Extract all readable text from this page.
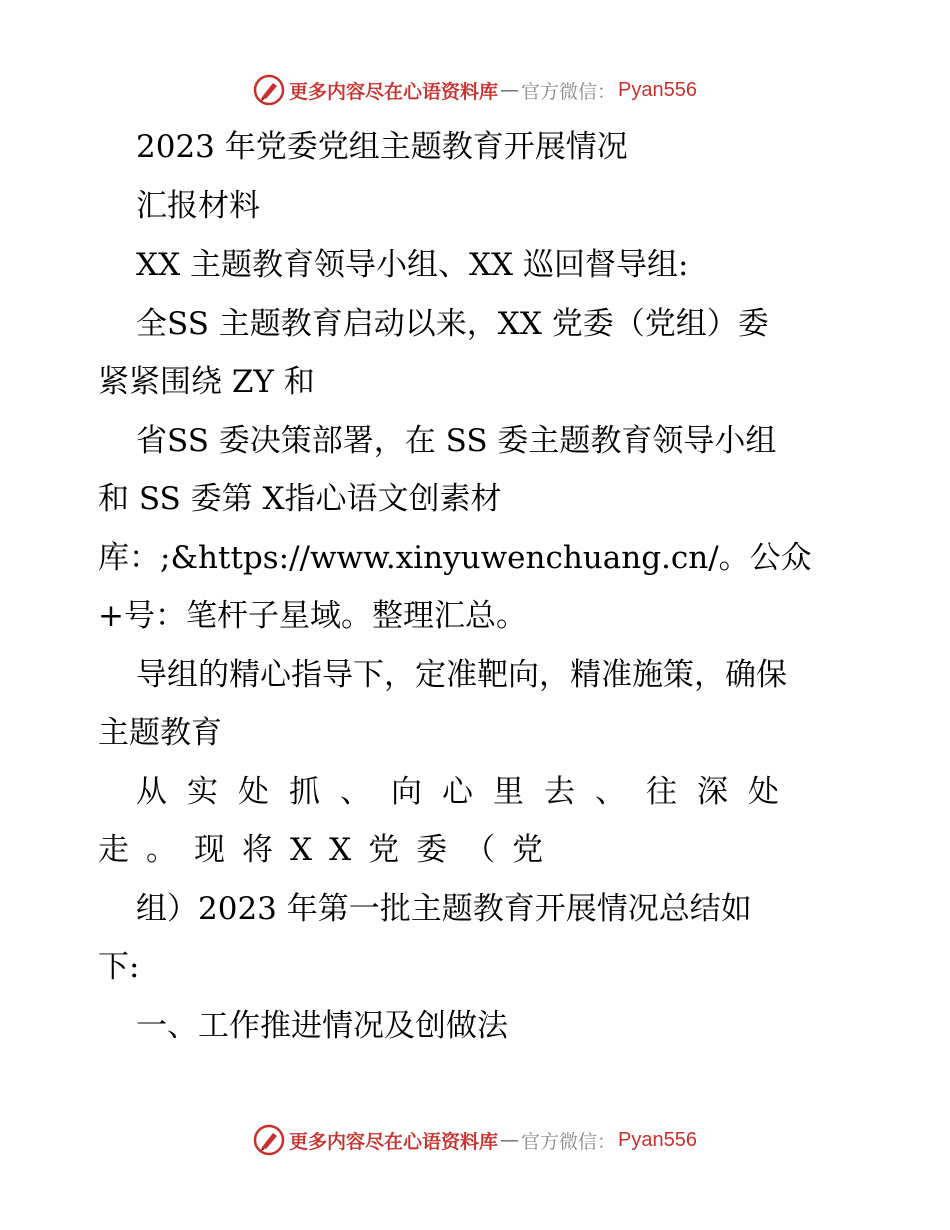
更多内容尽在心语资料库 — 官方微信： Pyan556
2023 年党委党组主题教育开展情况
汇报材料
XX 主题教育领导小组、XX 巡回督导组:
全SS 主题教育启动以来，XX 党委（党组）委
紧紧围绕 ZY 和
省SS 委决策部署，在 SS 委主题教育领导小组
和 SS 委第 X指心语文创素材
库：;&https://www.xinyuwenchuang.cn/。公众
+号：笔杆子星域。整理汇总。
导组的精心指导下，定准靶向，精准施策，确保
主题教育
从实处抓、向心里去、往深处
走。现将XX党委（党
组）2023 年第一批主题教育开展情况总结如
下:
一、工作推进情况及创做法
更多内容尽在心语资料库 — 官方微信： Pyan556
